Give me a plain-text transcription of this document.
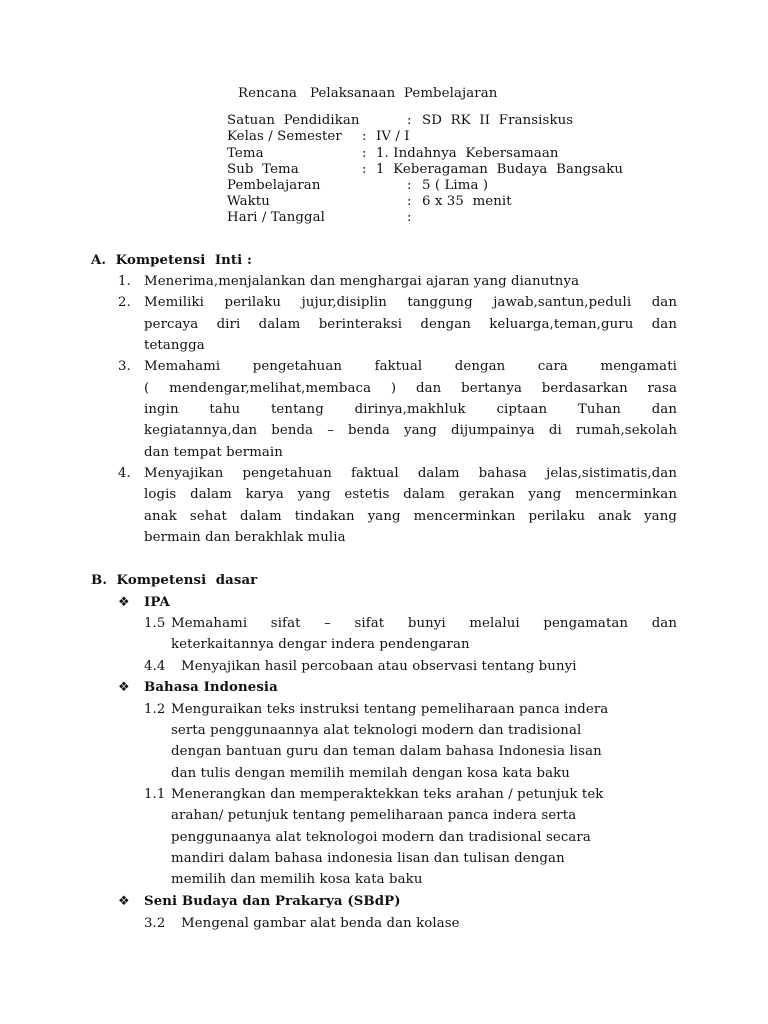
Rencana   Pelaksanaan  Pembelajaran
Satuan  Pendidikan	: SD  RK  II  Fransiskus
Kelas / Semester : IV / I
Tema	: 1. Indahnya  Kebersamaan
Sub  Tema	: 1  Keberagaman  Budaya  Bangsaku
Pembelajaran	: 5 ( Lima )
Waktu	: 6 x 35  menit
Hari / Tanggal	:
A.  Kompetensi  Inti :
1. Menerima,menjalankan dan menghargai ajaran yang dianutnya
2. Memiliki perilaku jujur,disiplin tanggung jawab,santun,peduli dan
percaya diri dalam berinteraksi dengan keluarga,teman,guru dan
tetangga
3. Memahami pengetahuan faktual dengan cara mengamati
( mendengar,melihat,membaca ) dan bertanya berdasarkan rasa
ingin tahu tentang dirinya,makhluk ciptaan Tuhan dan
kegiatannya,dan benda – benda yang dijumpainya di rumah,sekolah
dan tempat bermain
4. Menyajikan pengetahuan faktual dalam bahasa jelas,sistimatis,dan
logis dalam karya yang estetis dalam gerakan yang mencerminkan
anak sehat dalam tindakan yang mencerminkan perilaku anak yang
bermain dan berakhlak mulia
B.  Kompetensi  dasar
❖ IPA
1.5 Memahami sifat – sifat bunyi melalui pengamatan dan
keterkaitannya dengar indera pendengaran
4.4 Menyajikan hasil percobaan atau observasi tentang bunyi
❖ Bahasa Indonesia
1.2 Menguraikan teks instruksi tentang pemeliharaan panca indera
serta penggunaannya alat teknologi modern dan tradisional
dengan bantuan guru dan teman dalam bahasa Indonesia lisan
dan tulis dengan memilih memilah dengan kosa kata baku
1.1 Menerangkan dan memperaktekkan teks arahan / petunjuk tek
arahan/ petunjuk tentang pemeliharaan panca indera serta
penggunaanya alat teknologoi modern dan tradisional secara
mandiri dalam bahasa indonesia lisan dan tulisan dengan
memilih dan memilih kosa kata baku
❖ Seni Budaya dan Prakarya (SBdP)
3.2 Mengenal gambar alat benda dan kolase
